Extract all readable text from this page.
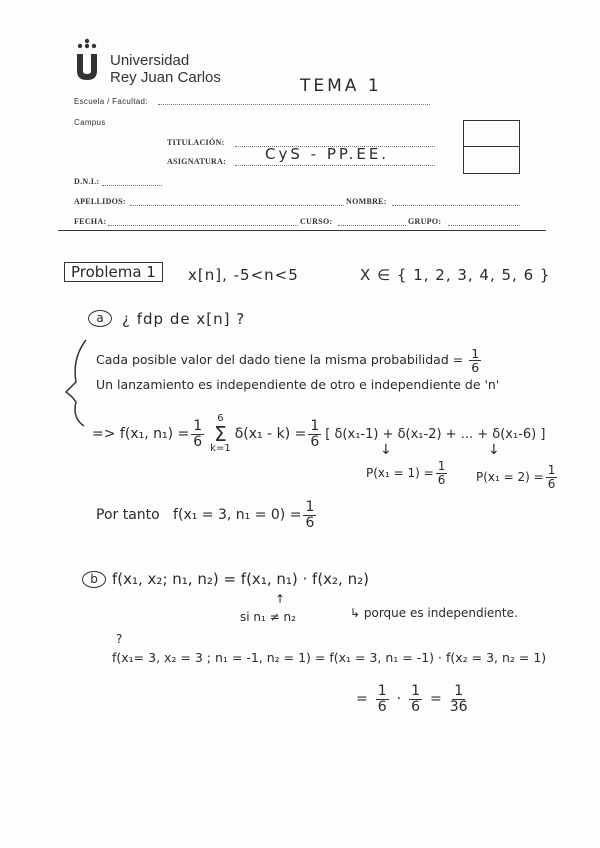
Universidad
Rey Juan Carlos	TEMA 1
Escuela / Facultad:
Campus
TITULACIÓN:
ASIGNATURA:	CyS - PP.EE.
D.N.I.:
APELLIDOS:	NOMBRE:
FECHA:	CURSO:	GRUPO:
Problema 1	x[n], -5<n<5	X ∈ { 1, 2, 3, 4, 5, 6 }
a	¿ fdp de x[n] ?
Cada posible valor del dado tiene la misma probabilidad = $\frac{1}{6}$
Un lanzamiento es independiente de otro e independiente de 'n'
=> f(x₁, $n_1) = \frac{1}{6}$
6
Σ
k=1
$\delta(x_1 - k) = \frac{1}{6}$ [ δ(x₁-1) + δ(x₁-2) + ... + δ(x₁-6) ]
↓	↓
$P(x_1 = 1) = \frac{1}{6} P(x_1 = 2) = \frac{1}{6}$
Por tanto   f(x₁ = 3, $n_1 = 0) = \frac{1}{6}$
b f(x₁, x₂; n₁, n₂) = f(x₁, n₁) · f(x₂, n₂)
↑
si n₁ ≠ n₂	↳ porque es independiente.
?
f(x₁= 3, x₂ = 3 ; n₁ = -1, n₂ = 1) = f(x₁ = 3, n₁ = -1) · f(x₂ = 3, n₂ = 1)
= $\frac{1}{6} \cdot \frac{1}{6} = \frac{1}{36}$
